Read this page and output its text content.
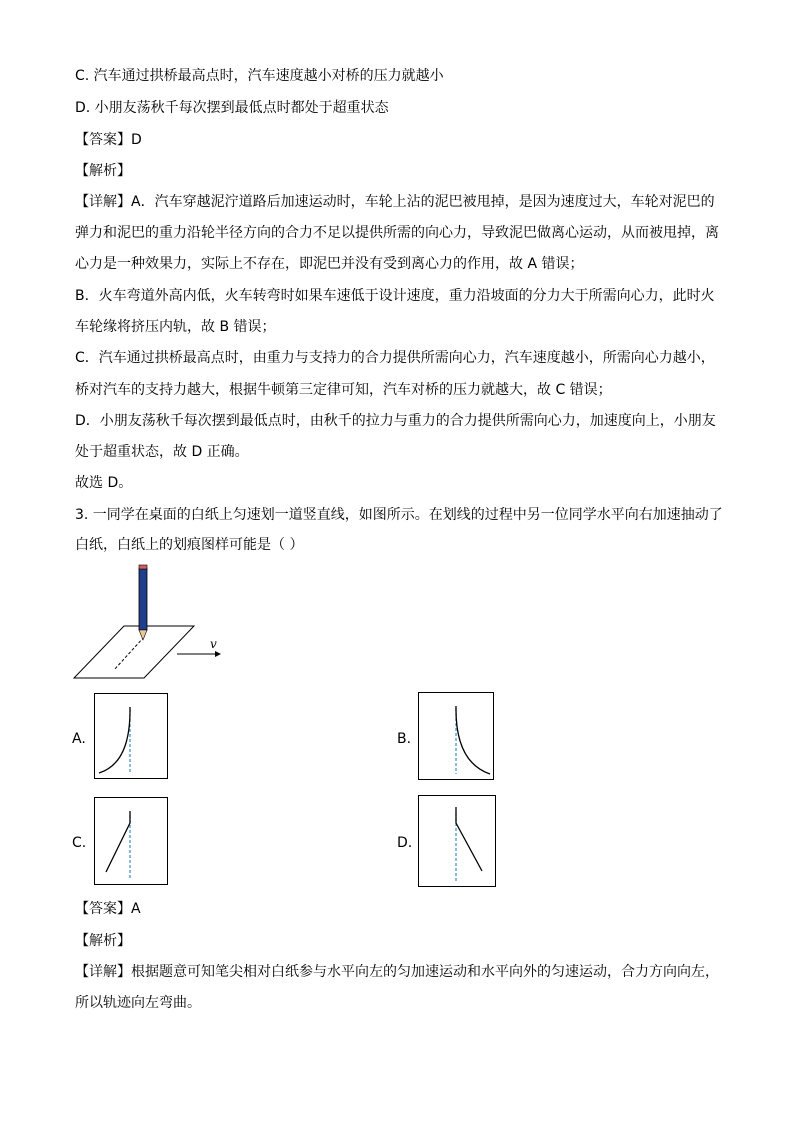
C. 汽车通过拱桥最高点时，汽车速度越小对桥的压力就越小
D. 小朋友荡秋千每次摆到最低点时都处于超重状态
【答案】D
【解析】
【详解】A．汽车穿越泥泞道路后加速运动时，车轮上沾的泥巴被甩掉，是因为速度过大，车轮对泥巴的
弹力和泥巴的重力沿轮半径方向的合力不足以提供所需的向心力，导致泥巴做离心运动，从而被甩掉，离
心力是一种效果力，实际上不存在，即泥巴并没有受到离心力的作用，故 A 错误；
B．火车弯道外高内低，火车转弯时如果车速低于设计速度，重力沿坡面的分力大于所需向心力，此时火
车轮缘将挤压内轨，故 B 错误；
C．汽车通过拱桥最高点时，由重力与支持力的合力提供所需向心力，汽车速度越小，所需向心力越小，
桥对汽车的支持力越大，根据牛顿第三定律可知，汽车对桥的压力就越大，故 C 错误；
D．小朋友荡秋千每次摆到最低点时，由秋千的拉力与重力的合力提供所需向心力，加速度向上，小朋友
处于超重状态，故 D 正确。
故选 D。
3. 一同学在桌面的白纸上匀速划一道竖直线，如图所示。在划线的过程中另一位同学水平向右加速抽动了
白纸，白纸上的划痕图样可能是（ ）
v
A.	B.
C.	D.
【答案】A
【解析】
【详解】根据题意可知笔尖相对白纸参与水平向左的匀加速运动和水平向外的匀速运动，合力方向向左，
所以轨迹向左弯曲。
